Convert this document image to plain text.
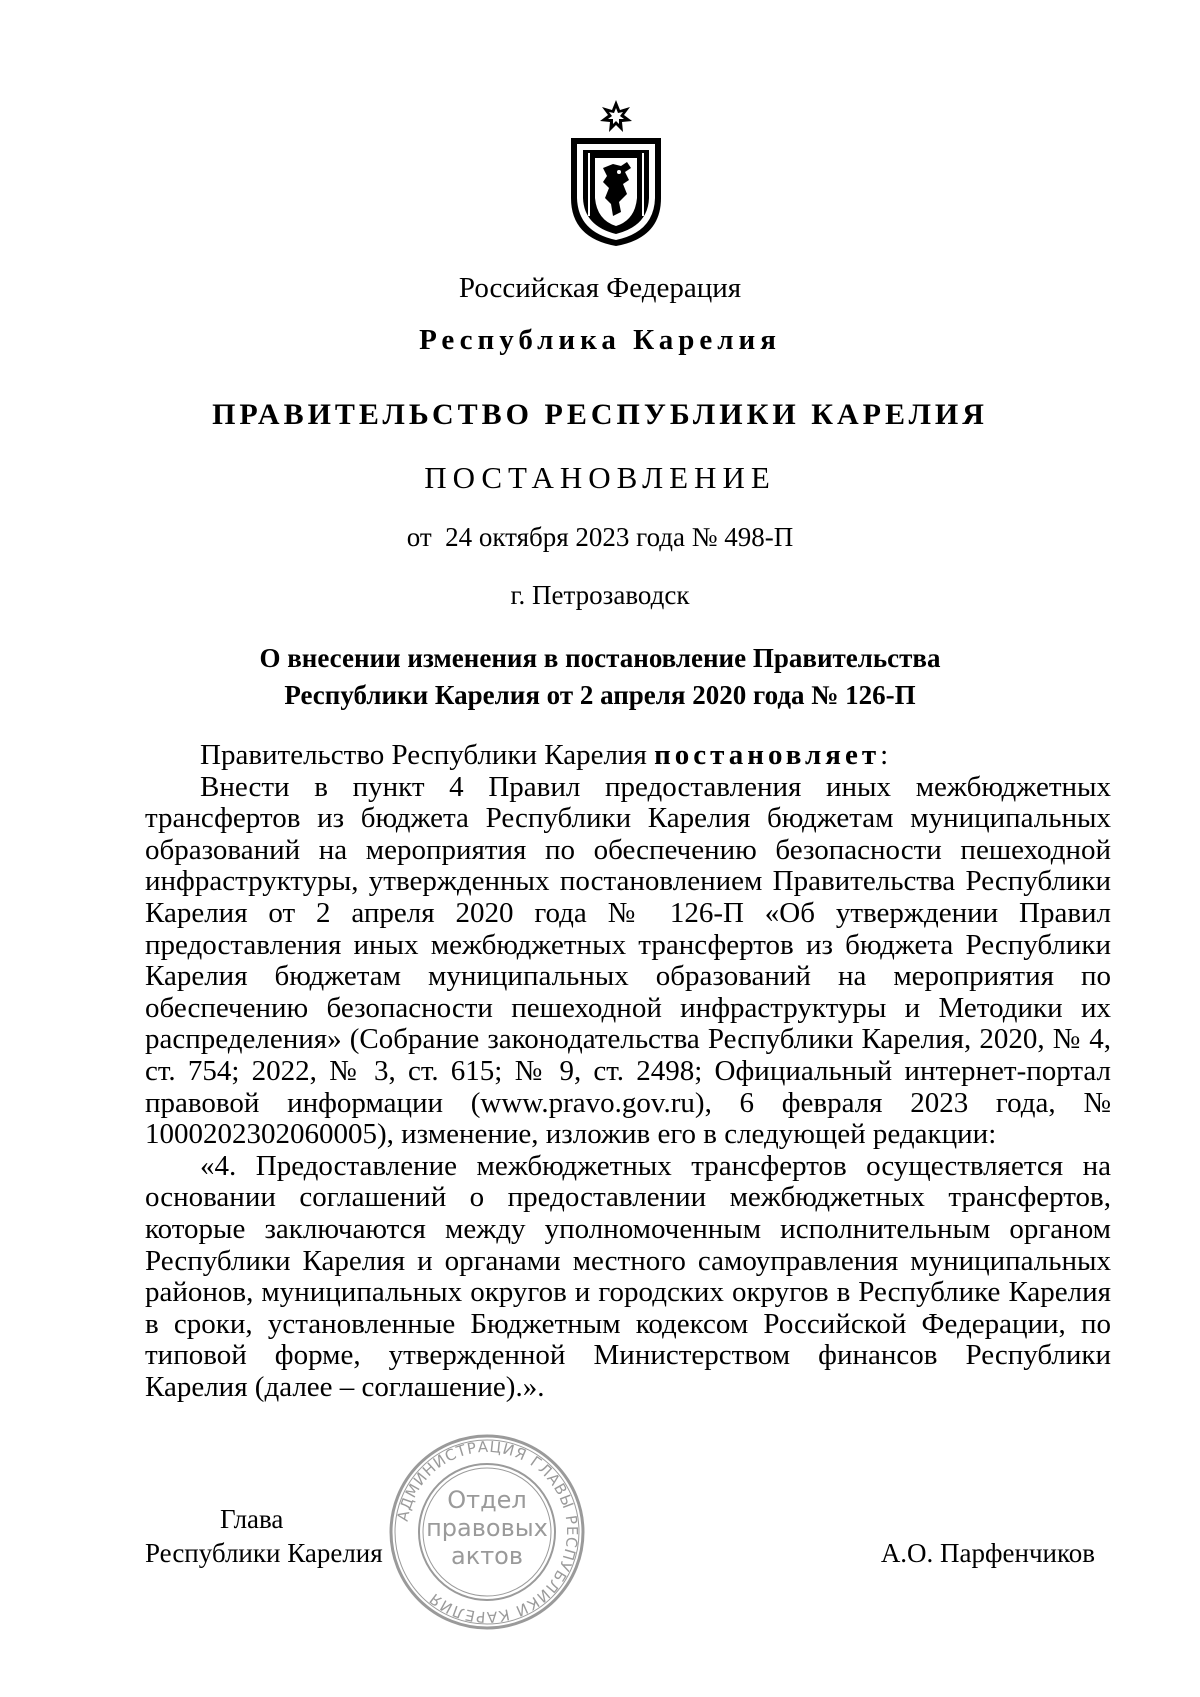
Российская Федерация
Республика Карелия
ПРАВИТЕЛЬСТВО РЕСПУБЛИКИ КАРЕЛИЯ
ПОСТАНОВЛЕНИЕ
от  24 октября 2023 года № 498-П
г. Петрозаводск
О внесении изменения в постановление Правительства
Республики Карелия от 2 апреля 2020 года № 126-П

Правительство Республики Карелия постановляет:

Внести в пункт 4 Правил предоставления иных межбюджетных трансфертов из бюджета Республики Карелия бюджетам муниципальных образований на мероприятия по обеспечению безопасности пешеходной инфраструктуры, утвержденных постановлением Правительства Республики Карелия от 2 апреля 2020 года № 126-П «Об утверждении Правил предоставления иных межбюджетных трансфертов из бюджета Республики Карелия бюджетам муниципальных образований на мероприятия по обеспечению безопасности пешеходной инфраструктуры и Методики их распределения» (Собрание законодательства Республики Карелия, 2020, № 4, ст. 754; 2022, № 3, ст. 615; № 9, ст. 2498; Официальный интернет-портал правовой информации (www.pravo.gov.ru), 6 февраля 2023 года, № 1000202302060005), изменение, изложив его в следующей редакции:

«4. Предоставление межбюджетных трансфертов осуществляется на основании соглашений о предоставлении межбюджетных трансфертов, которые заключаются между уполномоченным исполнительным органом Республики Карелия и органами местного самоуправления муниципальных районов, муниципальных округов и городских округов в Республике Карелия в сроки, установленные Бюджетным кодексом Российской Федерации, по типовой форме, утвержденной Министерством финансов Республики Карелия (далее – соглашение).».

Глава
Республики Карелия	А.О. Парфенчиков
АДМИНИСТРАЦИЯ ГЛАВЫ РЕСПУБЛИКИ КАРЕЛИЯ
Отдел
правовых
актов
